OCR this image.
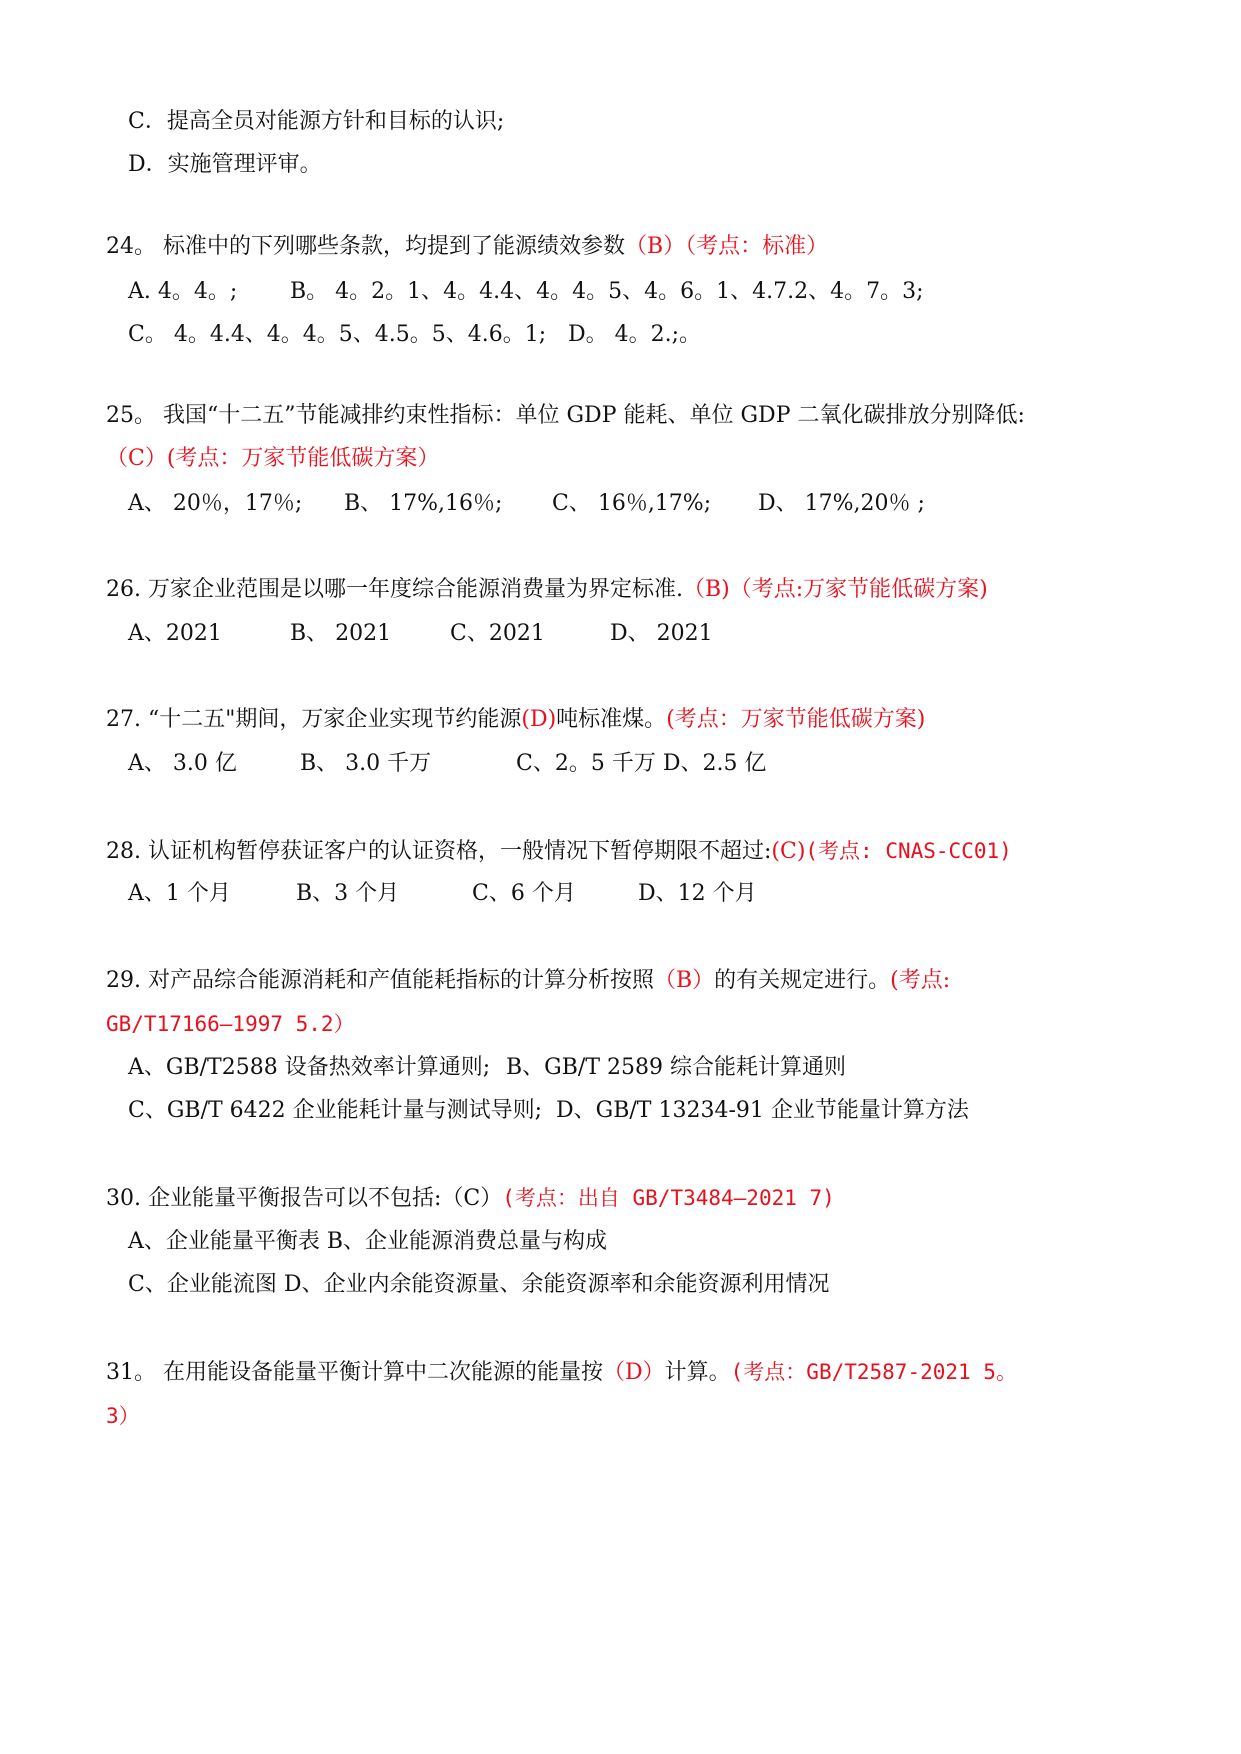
C．提高全员对能源方针和目标的认识;
D．实施管理评审。
24。 标准中的下列哪些条款，均提到了能源绩效参数（B）（考点：标准）
A. 4。4。; B。 4。2。1、4。4.4、4。4。5、4。6。1、4.7.2、4。7。3;
C。 4。4.4、4。4。5、4.5。5、4.6。1; D。 4。2.;。
25。 我国“十二五”节能减排约束性指标：单位 GDP 能耗、单位 GDP 二氧化碳排放分别降低:
（C）(考点：万家节能低碳方案）
A、 20％，17％; B、 17%,16％; C、 16％,17%; D、 17%,20％ ;
26. 万家企业范围是以哪一年度综合能源消费量为界定标准.（B)（考点:万家节能低碳方案)
A、2021	B、 2021	C、2021	D、 2021
27. “十二五"期间，万家企业实现节约能源(D)吨标准煤。(考点：万家节能低碳方案)
A、 3.0 亿	B、 3.0 千万	C、2。5 千万 D、2.5 亿
28. 认证机构暂停获证客户的认证资格，一般情况下暂停期限不超过:(C)(考点: CNAS-CC01)
A、1 个月	B、3 个月	C、6 个月	D、12 个月
29. 对产品综合能源消耗和产值能耗指标的计算分析按照（B）的有关规定进行。(考点:
GB/T17166—1997 5.2）
A、GB/T2588 设备热效率计算通则; B、GB/T 2589 综合能耗计算通则
C、GB/T 6422 企业能耗计量与测试导则; D、GB/T 13234-91 企业节能量计算方法
30. 企业能量平衡报告可以不包括:（C）(考点：出自 GB/T3484—2021 7)
A、企业能量平衡表 B、企业能源消费总量与构成
C、企业能流图 D、企业内余能资源量、余能资源率和余能资源利用情况
31。 在用能设备能量平衡计算中二次能源的能量按（D）计算。(考点：GB/T2587-2021 5。
3）
